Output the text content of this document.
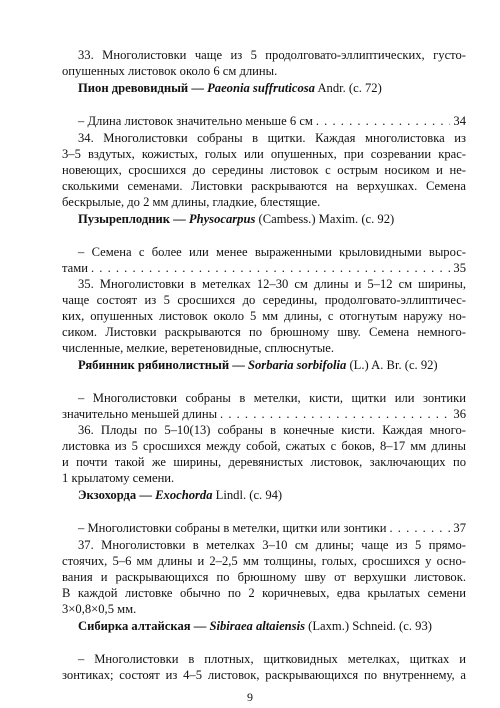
33. Многолистовки чаще из 5 продолговато-эллиптических, густо-
опушенных листовок около 6 см длины.
Пион древовидный — Paeonia suffruticosa Andr. (с. 72)
– Длина листовок значительно меньше 6 см . . .	34
34. Многолистовки собраны в щитки. Каждая многолистовка из
3–5 вздутых, кожистых, голых или опушенных, при созревании крас-
новеющих, сросшихся до середины листовок с острым носиком и не-
сколькими семенами. Листовки раскрываются на верхушках. Семена
бескрылые, до 2 мм длины, гладкие, блестящие.
Пузыреплодник — Physocarpus (Cambess.) Maxim. (с. 92)
– Семена с более или менее выраженными крыловидными вырос-
тами . . .	35
35. Многолистовки в метелках 12–30 см длины и 5–12 см ширины,
чаще состоят из 5 сросшихся до середины, продолговато-эллиптичес-
ких, опушенных листовок около 5 мм длины, с отогнутым наружу но-
сиком. Листовки раскрываются по брюшному шву. Семена немного-
численные, мелкие, веретеновидные, сплюснутые.
Рябинник рябинолистный — Sorbaria sorbifolia (L.) A. Br. (с. 92)
– Многолистовки собраны в метелки, кисти, щитки или зонтики
значительно меньшей длины . . .	36
36. Плоды по 5–10(13) собраны в конечные кисти. Каждая много-
листовка из 5 сросшихся между собой, сжатых с боков, 8–17 мм длины
и почти такой же ширины, деревянистых листовок, заключающих по
1 крылатому семени.
Экзохорда — Exochorda Lindl. (с. 94)
– Многолистовки собраны в метелки, щитки или зонтики . . .	37
37. Многолистовки в метелках 3–10 см длины; чаще из 5 прямо-
стоячих, 5–6 мм длины и 2–2,5 мм толщины, голых, сросшихся у осно-
вания и раскрывающихся по брюшному шву от верхушки листовок.
В каждой листовке обычно по 2 коричневых, едва крылатых семени
3×0,8×0,5 мм.
Сибирка алтайская — Sibiraea altaiensis (Laxm.) Schneid. (с. 93)
– Многолистовки в плотных, щитковидных метелках, щитках и
зонтиках; состоят из 4–5 листовок, раскрывающихся по внутреннему, а
9
